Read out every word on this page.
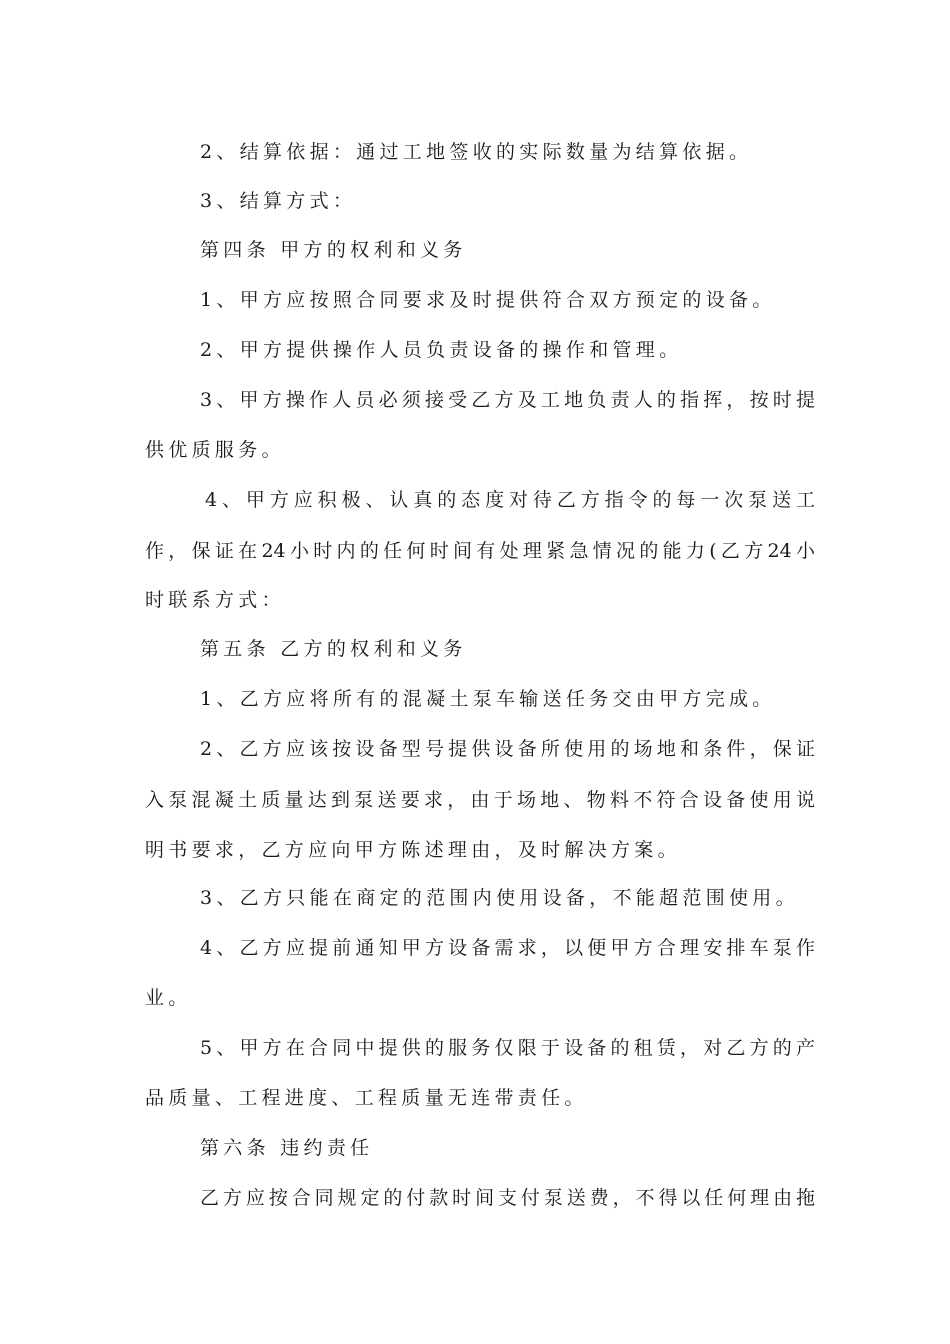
2、结算依据：通过工地签收的实际数量为结算依据。
3、结算方式：
第四条 甲方的权利和义务
1、甲方应按照合同要求及时提供符合双方预定的设备。
2、甲方提供操作人员负责设备的操作和管理。
3、甲方操作人员必须接受乙方及工地负责人的指挥，按时提
供优质服务。
4、甲方应积极、认真的态度对待乙方指令的每一次泵送工
作，保证在24小时内的任何时间有处理紧急情况的能力(乙方24小
时联系方式：
第五条 乙方的权利和义务
1、乙方应将所有的混凝土泵车输送任务交由甲方完成。
2、乙方应该按设备型号提供设备所使用的场地和条件，保证
入泵混凝土质量达到泵送要求，由于场地、物料不符合设备使用说
明书要求，乙方应向甲方陈述理由，及时解决方案。
3、乙方只能在商定的范围内使用设备，不能超范围使用。
4、乙方应提前通知甲方设备需求，以便甲方合理安排车泵作
业。
5、甲方在合同中提供的服务仅限于设备的租赁，对乙方的产
品质量、工程进度、工程质量无连带责任。
第六条 违约责任
乙方应按合同规定的付款时间支付泵送费，不得以任何理由拖
